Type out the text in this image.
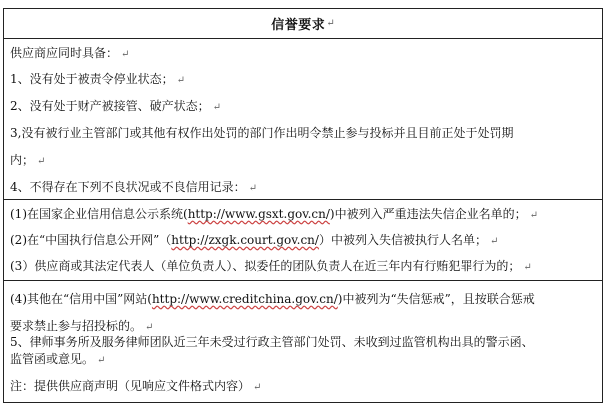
信誉要求 ↵
供应商应同时具备： ↵
1、没有处于被责令停业状态； ↵
2、没有处于财产被接管、破产状态； ↵
3,没有被行业主管部门或其他有权作出处罚的部门作出明令禁止参与投标并且目前正处于处罚期
内； ↵
4、不得存在下列不良状况或不良信用记录： ↵
(1)在国家企业信用信息公示系统(http://www.gsxt.gov.cn/)中被列入严重违法失信企业名单的； ↵
(2)在“中国执行信息公开网”（http://zxgk.court.gov.cn/）中被列入失信被执行人名单； ↵
(3）供应商或其法定代表人（单位负责人）、拟委任的团队负责人在近三年内有行贿犯罪行为的； ↵
(4)其他在“信用中国”网站(http://www.creditchina.gov.cn/)中被列为“失信惩戒”，且按联合惩戒
要求禁止参与招投标的。 ↵
5、律师事务所及服务律师团队近三年未受过行政主管部门处罚、未收到过监管机构出具的警示函、
监管函或意见。 ↵
注：提供供应商声明（见响应文件格式内容） ↵
